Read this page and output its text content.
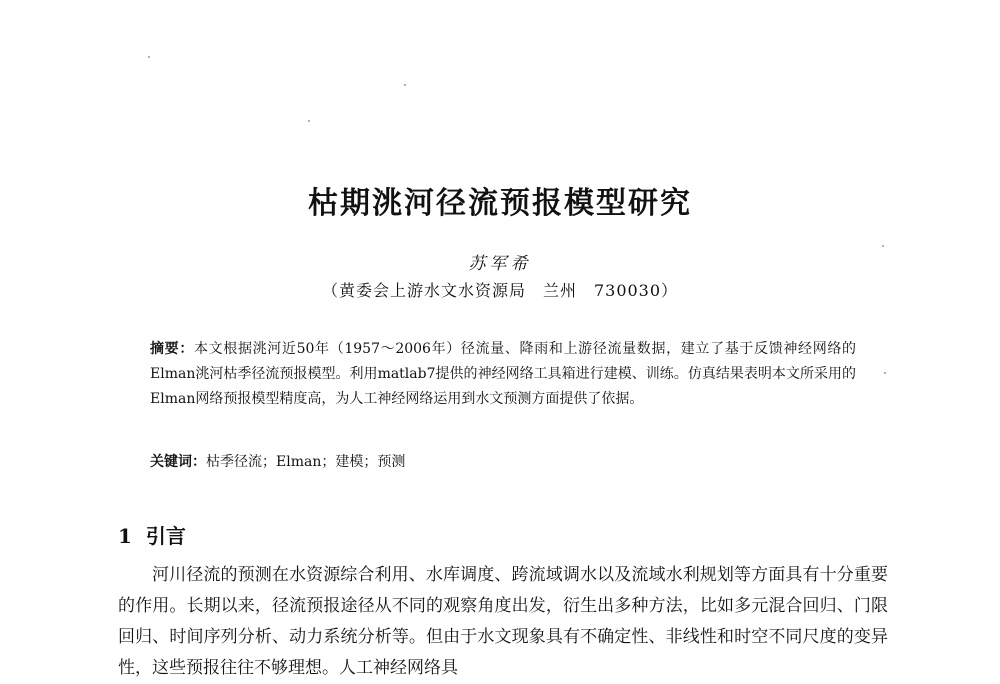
枯期洮河径流预报模型研究
苏军希
（黄委会上游水文水资源局　兰州　730030）
摘要：本文根据洮河近50年（1957～2006年）径流量、降雨和上游径流量数据，建立了基于反馈神经网络的Elman洮河枯季径流预报模型。利用matlab7提供的神经网络工具箱进行建模、训练。仿真结果表明本文所采用的Elman网络预报模型精度高，为人工神经网络运用到水文预测方面提供了依据。
关键词：枯季径流；Elman；建模；预测
1 引言
河川径流的预测在水资源综合利用、水库调度、跨流域调水以及流域水利规划等方面具有十分重要的作用。长期以来，径流预报途径从不同的观察角度出发，衍生出多种方法，比如多元混合回归、门限回归、时间序列分析、动力系统分析等。但由于水文现象具有不确定性、非线性和时空不同尺度的变异性，这些预报往往不够理想。人工神经网络具
